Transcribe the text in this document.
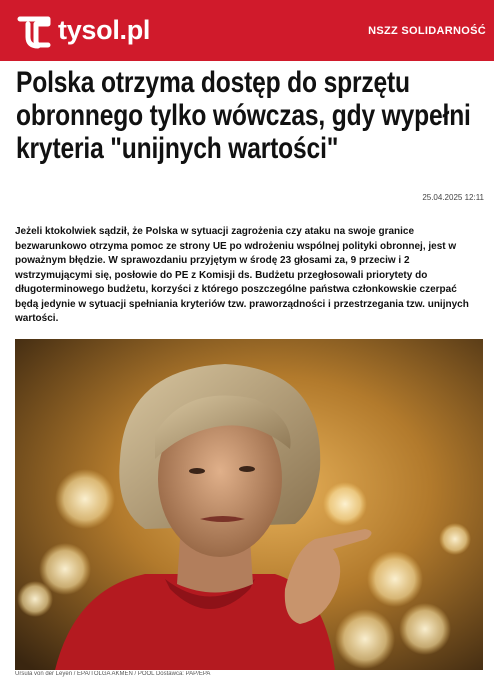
tysol.pl	NSZZ SOLIDARNOŚĆ
Polska otrzyma dostęp do sprzętu obronnego tylko wówczas, gdy wypełni kryteria "unijnych wartości"
25.04.2025 12:11

Jeżeli ktokolwiek sądził, że Polska w sytuacji zagrożenia czy ataku na swoje granice bezwarunkowo otrzyma pomoc ze strony UE po wdrożeniu wspólnej polityki obronnej, jest w poważnym błędzie. W sprawozdaniu przyjętym w środę 23 głosami za, 9 przeciw i 2 wstrzymującymi się, posłowie do PE z Komisji ds. Budżetu przegłosowali priorytety do długoterminowego budżetu, korzyści z którego poszczególne państwa członkowskie czerpać będą jedynie w sytuacji spełniania kryteriów tzw. praworządności i przestrzegania tzw. unijnych wartości.

Ursula von der Leyen / EPA/TOLGA AKMEN / POOL Dostawca: PAP/EPA
